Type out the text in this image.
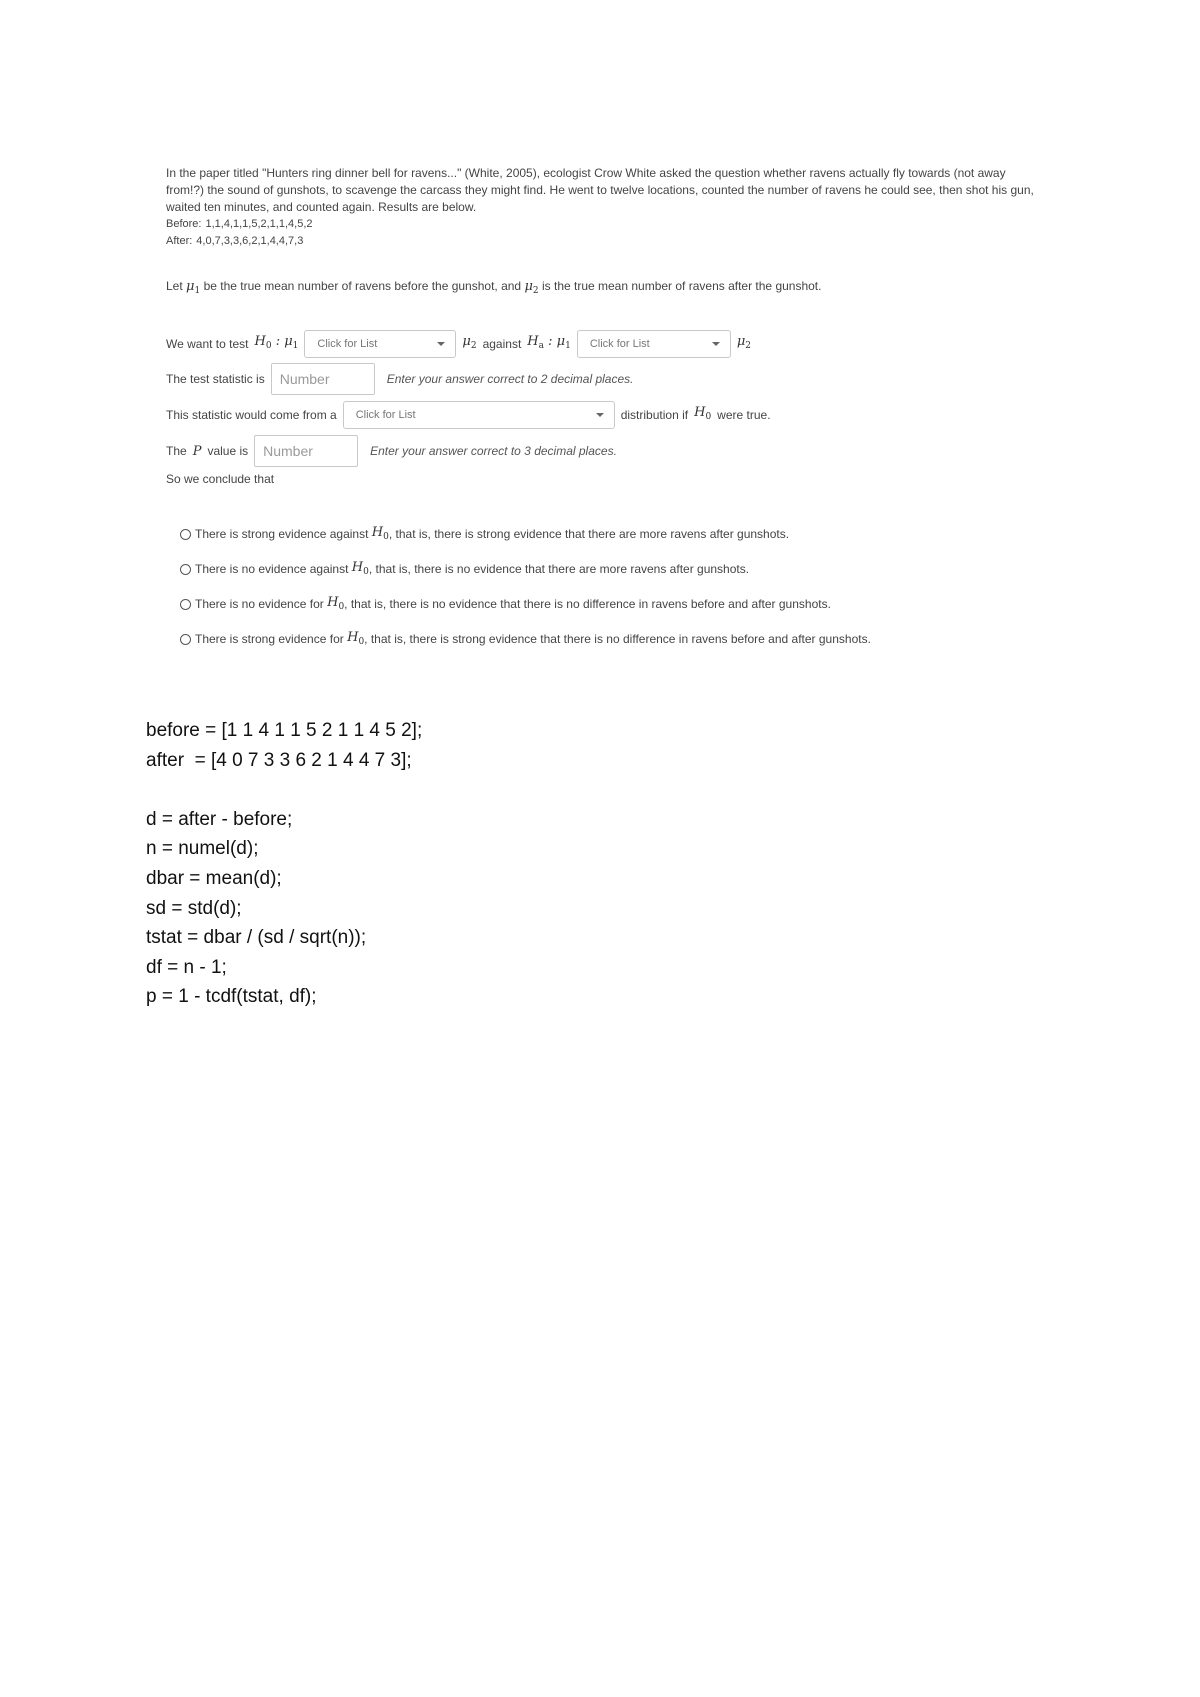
In the paper titled "Hunters ring dinner bell for ravens..." (White, 2005), ecologist Crow White asked the question whether ravens actually fly towards (not away from!?) the sound of gunshots, to scavenge the carcass they might find. He went to twelve locations, counted the number of ravens he could see, then shot his gun, waited ten minutes, and counted again. Results are below.

Before: 1,1,4,1,1,5,2,1,1,4,5,2

After: 4,0,7,3,3,6,2,1,4,4,7,3

Let $\mu_1$ be the true mean number of ravens before the gunshot, and $\mu_2$ is the true mean number of ravens after the gunshot.
We want to test $H_0$ : $\mu_1$ Click for List	$\mu_2$ against $H_a$ : $\mu_1$ Click for List	$\mu_2$
The test statistic is
Number	Enter your answer correct to 2 decimal places.
This statistic would come from a Click for List	distribution if $H_0$ were true.
The P value is
Number	Enter your answer correct to 3 decimal places.
So we conclude that
There is strong evidence against
$H_0$ , that is, there is strong evidence that there are more ravens after gunshots.
There is no evidence against
$H_0$ , that is, there is no evidence that there are more ravens after gunshots.
There is no evidence for
$H_0$ , that is, there is no evidence that there is no difference in ravens before and after gunshots.
There is strong evidence for
$H_0$ , that is, there is strong evidence that there is no difference in ravens before and after gunshots.
before = [1 1 4 1 1 5 2 1 1 4 5 2];
after  = [4 0 7 3 3 6 2 1 4 4 7 3];
d = after - before;
n = numel(d);
dbar = mean(d);
sd = std(d);
tstat = dbar / (sd / sqrt(n));
df = n - 1;
p = 1 - tcdf(tstat, df);
